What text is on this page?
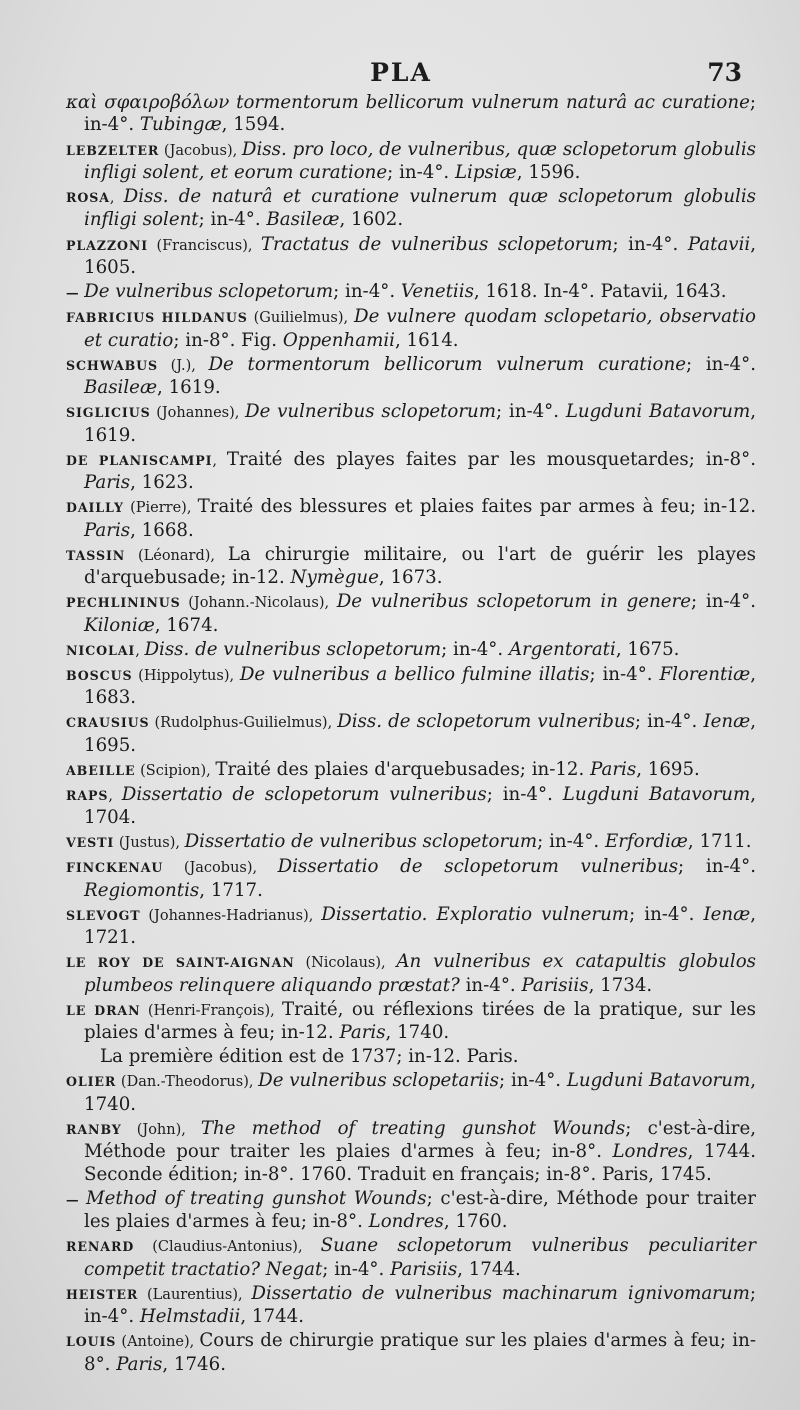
PLA	73

καὶ σφαιροβόλων tormentorum bellicorum vulnerum naturâ ac curatione; in-4°. Tubingæ, 1594.

LEBZELTER (Jacobus), Diss. pro loco, de vulneribus, quæ sclopetorum globulis infligi solent, et eorum curatione; in-4°. Lipsiæ, 1596.

ROSA, Diss. de naturâ et curatione vulnerum quæ sclopetorum globulis infligi solent; in-4°. Basileæ, 1602.

PLAZZONI (Franciscus), Tractatus de vulneribus sclopetorum; in-4°. Patavii, 1605.

— De vulneribus sclopetorum; in-4°. Venetiis, 1618. In-4°. Patavii, 1643.

FABRICIUS HILDANUS (Guilielmus), De vulnere quodam sclopetario, observatio et curatio; in-8°. Fig. Oppenhamii, 1614.

SCHWABUS (J.), De tormentorum bellicorum vulnerum curatione; in-4°. Basileæ, 1619.

SIGLICIUS (Johannes), De vulneribus sclopetorum; in-4°. Lugduni Batavorum, 1619.

DE PLANISCAMPI, Traité des playes faites par les mousquetardes; in-8°. Paris, 1623.

DAILLY (Pierre), Traité des blessures et plaies faites par armes à feu; in-12. Paris, 1668.

TASSIN (Léonard), La chirurgie militaire, ou l'art de guérir les playes d'arquebusade; in-12. Nymègue, 1673.

PECHLININUS (Johann.-Nicolaus), De vulneribus sclopetorum in genere; in-4°. Kiloniæ, 1674.

NICOLAI, Diss. de vulneribus sclopetorum; in-4°. Argentorati, 1675.

BOSCUS (Hippolytus), De vulneribus a bellico fulmine illatis; in-4°. Florentiæ, 1683.

CRAUSIUS (Rudolphus-Guilielmus), Diss. de sclopetorum vulneribus; in-4°. Ienæ, 1695.

ABEILLE (Scipion), Traité des plaies d'arquebusades; in-12. Paris, 1695.

RAPS, Dissertatio de sclopetorum vulneribus; in-4°. Lugduni Batavorum, 1704.

VESTI (Justus), Dissertatio de vulneribus sclopetorum; in-4°. Erfordiæ, 1711.

FINCKENAU (Jacobus), Dissertatio de sclopetorum vulneribus; in-4°. Regiomontis, 1717.

SLEVOGT (Johannes-Hadrianus), Dissertatio. Exploratio vulnerum; in-4°. Ienæ, 1721.

LE ROY DE SAINT-AIGNAN (Nicolaus), An vulneribus ex catapultis globulos plumbeos relinquere aliquando præstat? in-4°. Parisiis, 1734.

LE DRAN (Henri-François), Traité, ou réflexions tirées de la pratique, sur les plaies d'armes à feu; in-12. Paris, 1740.

La première édition est de 1737; in-12. Paris.

OLIER (Dan.-Theodorus), De vulneribus sclopetariis; in-4°. Lugduni Batavorum, 1740.

RANBY (John), The method of treating gunshot Wounds; c'est-à-dire, Méthode pour traiter les plaies d'armes à feu; in-8°. Londres, 1744. Seconde édition; in-8°. 1760. Traduit en français; in-8°. Paris, 1745.

— Method of treating gunshot Wounds; c'est-à-dire, Méthode pour traiter les plaies d'armes à feu; in-8°. Londres, 1760.

RENARD (Claudius-Antonius), Suane sclopetorum vulneribus peculiariter competit tractatio? Negat; in-4°. Parisiis, 1744.

HEISTER (Laurentius), Dissertatio de vulneribus machinarum ignivomarum; in-4°. Helmstadii, 1744.

LOUIS (Antoine), Cours de chirurgie pratique sur les plaies d'armes à feu; in-8°. Paris, 1746.
